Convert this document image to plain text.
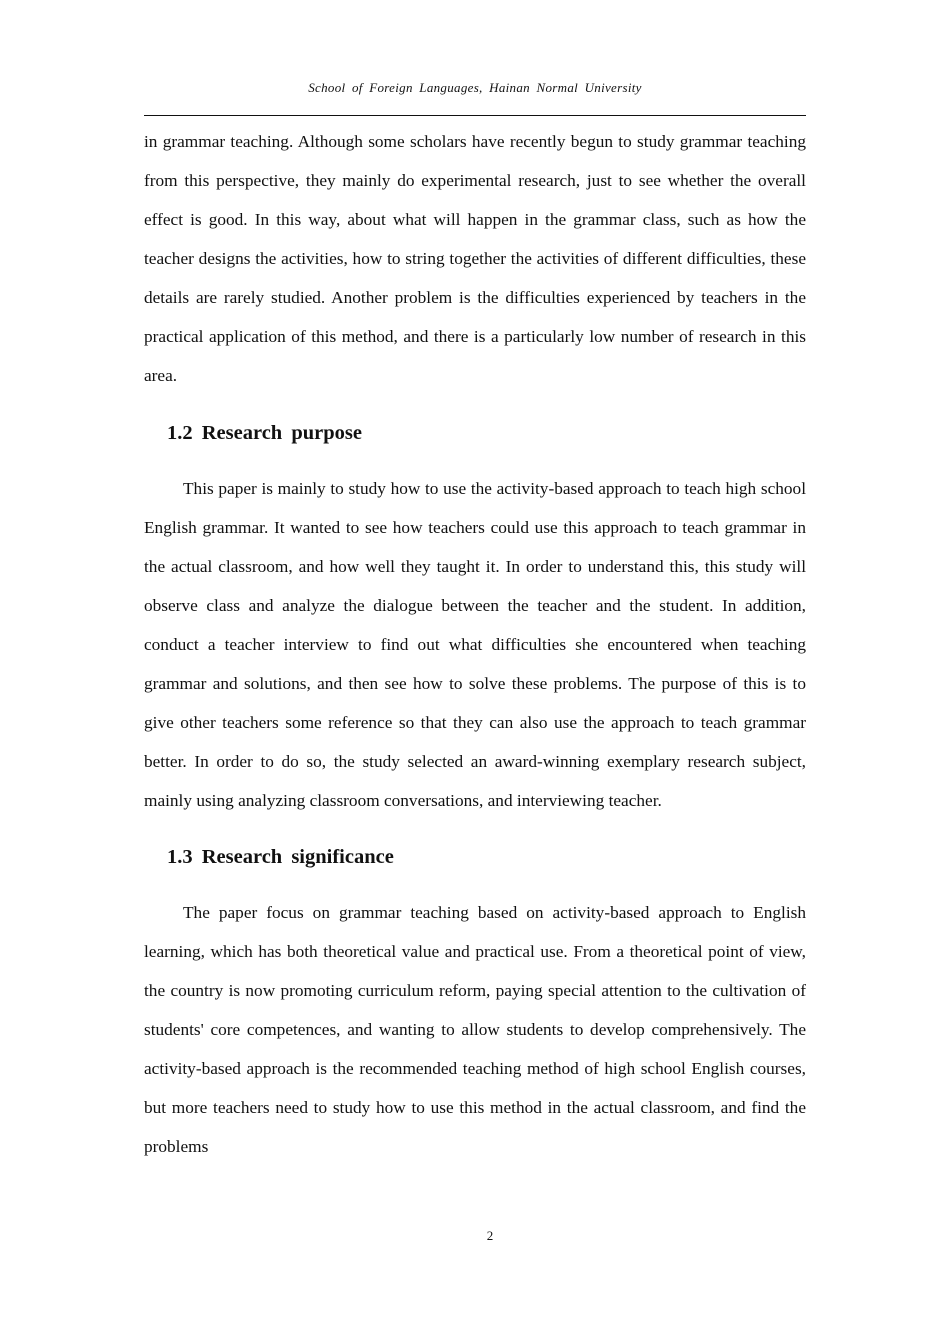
School of Foreign Languages, Hainan Normal University

in grammar teaching. Although some scholars have recently begun to study grammar teaching from this perspective, they mainly do experimental research, just to see whether the overall effect is good. In this way, about what will happen in the grammar class, such as how the teacher designs the activities, how to string together the activities of different difficulties, these details are rarely studied. Another problem is the difficulties experienced by teachers in the practical application of this method, and there is a particularly low number of research in this area.

1.2 Research purpose

This paper is mainly to study how to use the activity-based approach to teach high school English grammar. It wanted to see how teachers could use this approach to teach grammar in the actual classroom, and how well they taught it. In order to understand this, this study will observe class and analyze the dialogue between the teacher and the student. In addition, conduct a teacher interview to find out what difficulties she encountered when teaching grammar and solutions, and then see how to solve these problems. The purpose of this is to give other teachers some reference so that they can also use the approach to teach grammar better. In order to do so, the study selected an award-winning exemplary research subject, mainly using analyzing classroom conversations, and interviewing teacher.

1.3 Research significance

The paper focus on grammar teaching based on activity-based approach to English learning, which has both theoretical value and practical use. From a theoretical point of view, the country is now promoting curriculum reform, paying special attention to the cultivation of students' core competences, and wanting to allow students to develop comprehensively. The activity-based approach is the recommended teaching method of high school English courses, but more teachers need to study how to use this method in the actual classroom, and find the problems

2
